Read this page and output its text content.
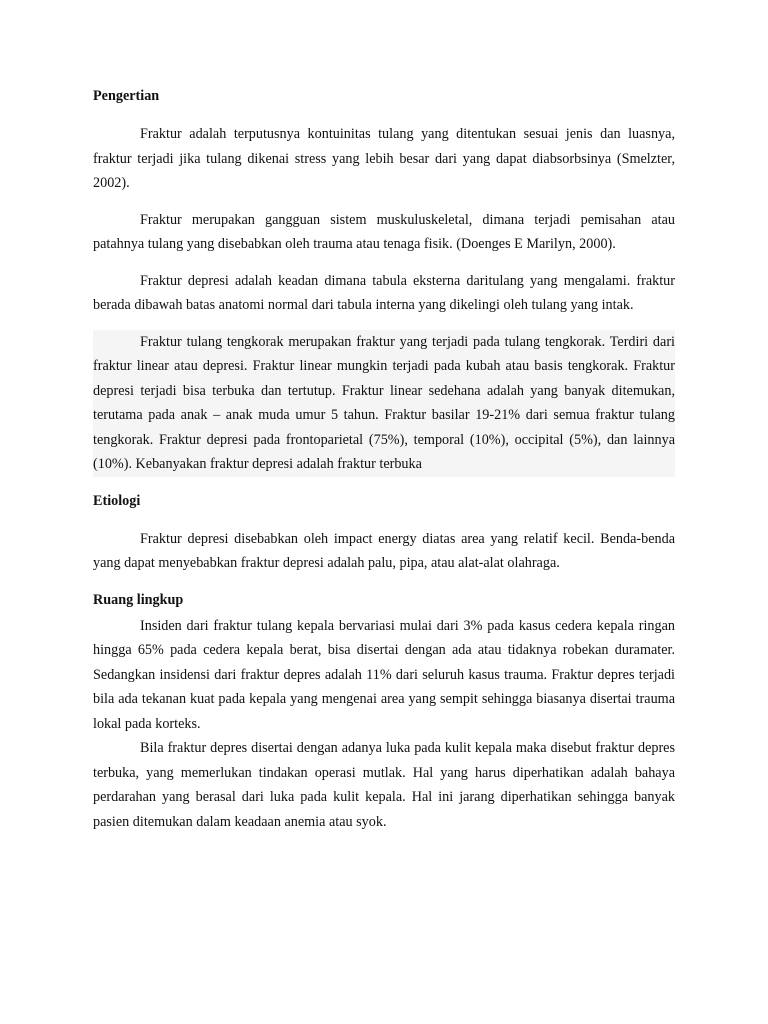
Pengertian

Fraktur adalah terputusnya kontuinitas tulang yang ditentukan sesuai jenis dan luasnya, fraktur terjadi jika tulang dikenai stress yang lebih besar dari yang dapat diabsorbsinya (Smelzter, 2002).

Fraktur merupakan gangguan sistem muskuluskeletal, dimana terjadi pemisahan atau patahnya tulang yang disebabkan oleh trauma atau tenaga fisik. (Doenges E Marilyn, 2000).

Fraktur depresi adalah keadan dimana tabula eksterna daritulang yang mengalami. fraktur berada dibawah batas anatomi normal dari tabula interna yang dikelingi oleh tulang yang intak.

Fraktur tulang tengkorak merupakan fraktur yang terjadi pada tulang tengkorak. Terdiri dari fraktur linear atau depresi. Fraktur linear mungkin terjadi pada kubah atau basis tengkorak. Fraktur depresi terjadi bisa terbuka dan tertutup. Fraktur linear sedehana adalah yang banyak ditemukan, terutama pada anak – anak muda umur 5 tahun. Fraktur basilar 19-21% dari semua fraktur tulang tengkorak. Fraktur depresi pada frontoparietal (75%), temporal (10%), occipital (5%), dan lainnya (10%). Kebanyakan fraktur depresi adalah fraktur terbuka

Etiologi

Fraktur depresi disebabkan oleh impact energy diatas area yang relatif kecil. Benda-benda yang dapat menyebabkan fraktur depresi adalah palu, pipa, atau alat-alat olahraga.

Ruang lingkup

Insiden dari fraktur tulang kepala bervariasi mulai dari 3% pada kasus cedera kepala ringan hingga 65% pada cedera kepala berat, bisa disertai dengan ada atau tidaknya robekan duramater. Sedangkan insidensi dari fraktur depres adalah 11% dari seluruh kasus trauma. Fraktur depres terjadi bila ada tekanan kuat pada kepala yang mengenai area yang sempit sehingga biasanya disertai trauma lokal pada korteks.

Bila fraktur depres disertai dengan adanya luka pada kulit kepala maka disebut fraktur depres terbuka, yang memerlukan tindakan operasi mutlak. Hal yang harus diperhatikan adalah bahaya perdarahan yang berasal dari luka pada kulit kepala. Hal ini jarang diperhatikan sehingga banyak pasien ditemukan dalam keadaan anemia atau syok.
